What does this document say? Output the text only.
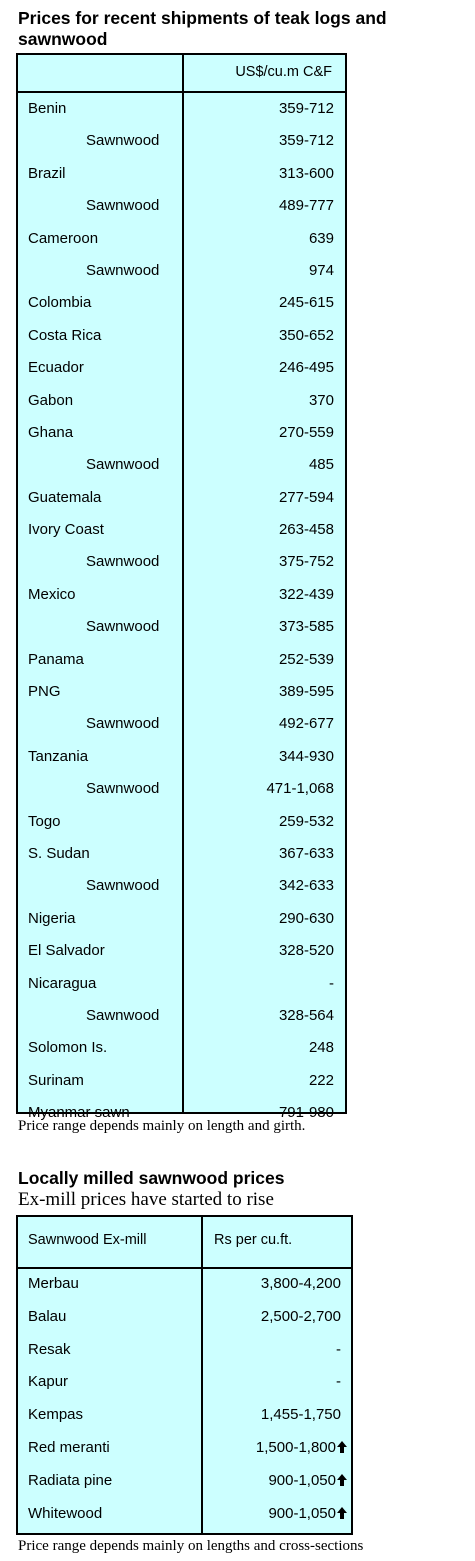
Prices for recent shipments of teak logs and sawnwood
US$/cu.m C&F
Benin	359-712
Sawnwood	359-712
Brazil	313-600
Sawnwood	489-777
Cameroon	639
Sawnwood	974
Colombia	245-615
Costa Rica	350-652
Ecuador	246-495
Gabon	370
Ghana	270-559
Sawnwood	485
Guatemala	277-594
Ivory Coast	263-458
Sawnwood	375-752
Mexico	322-439
Sawnwood	373-585
Panama	252-539
PNG	389-595
Sawnwood	492-677
Tanzania	344-930
Sawnwood	471-1,068
Togo	259-532
S. Sudan	367-633
Sawnwood	342-633
Nigeria	290-630
El Salvador	328-520
Nicaragua	-
Sawnwood	328-564
Solomon Is.	248
Surinam	222
Myanmar sawn	791-980
Price range depends mainly on length and girth.
Locally milled sawnwood prices
Ex-mill prices have started to rise
Sawnwood Ex-mill	Rs per cu.ft.
Merbau	3,800-4,200
Balau	2,500-2,700
Resak	-
Kapur	-
Kempas	1,455-1,750
Red meranti	1,500-1,800
Radiata pine	900-1,050
Whitewood	900-1,050
Price range depends mainly on lengths and cross-sections
